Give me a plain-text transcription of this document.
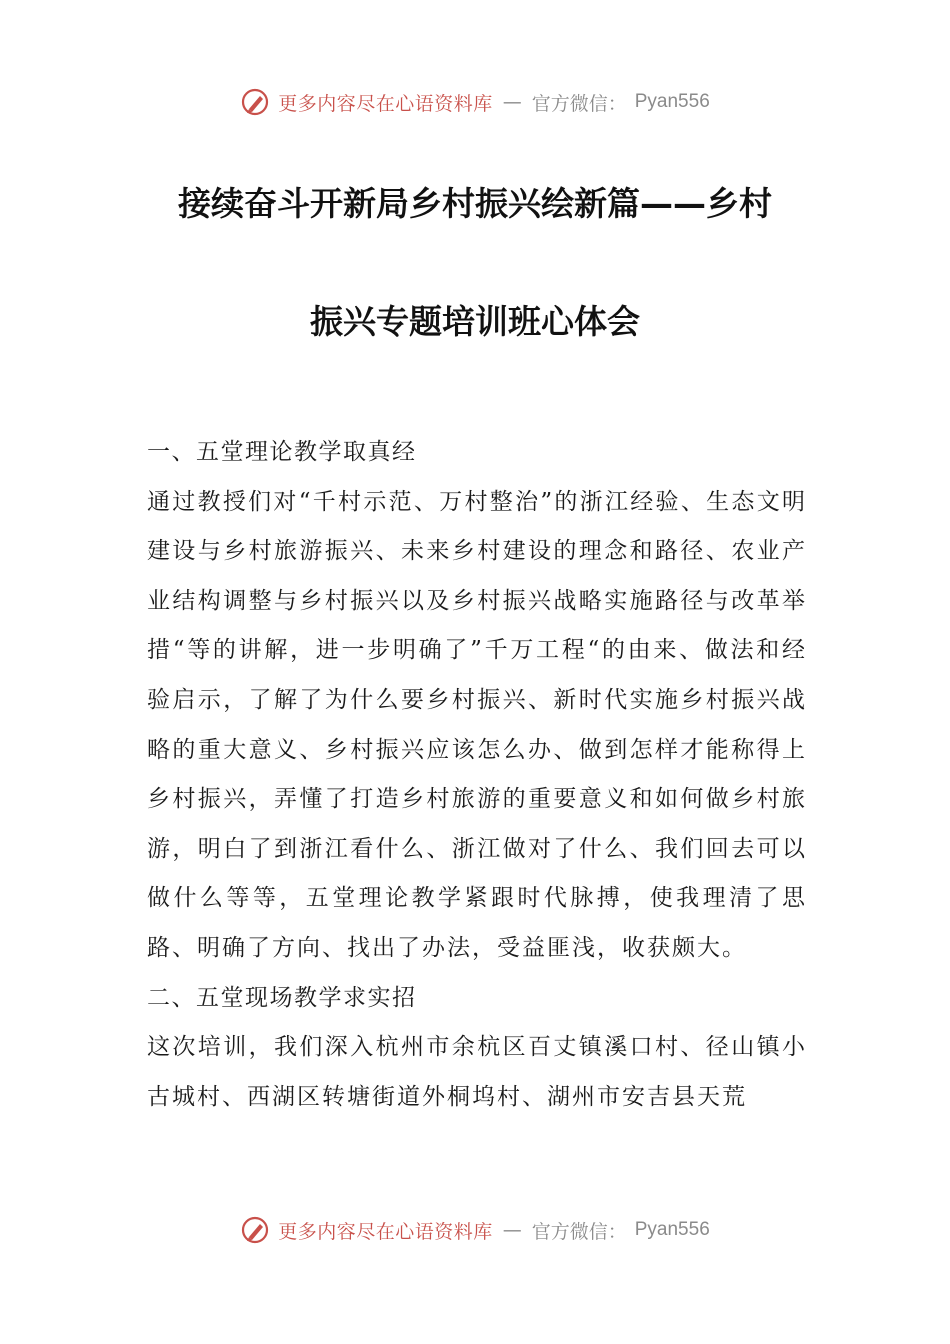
更多内容尽在心语资料库 — 官方微信： Pyan556
接续奋斗开新局乡村振兴绘新篇——乡村
振兴专题培训班心体会

一、五堂理论教学取真经

通过教授们对“千村示范、万村整治”的浙江经验、生态文明建设与乡村旅游振兴、未来乡村建设的理念和路径、农业产业结构调整与乡村振兴以及乡村振兴战略实施路径与改革举措“等的讲解，进一步明确了”千万工程“的由来、做法和经验启示，了解了为什么要乡村振兴、新时代实施乡村振兴战略的重大意义、乡村振兴应该怎么办、做到怎样才能称得上乡村振兴，弄懂了打造乡村旅游的重要意义和如何做乡村旅游，明白了到浙江看什么、浙江做对了什么、我们回去可以做什么等等，五堂理论教学紧跟时代脉搏，使我理清了思路、明确了方向、找出了办法，受益匪浅，收获颇大。

二、五堂现场教学求实招

这次培训，我们深入杭州市余杭区百丈镇溪口村、径山镇小古城村、西湖区转塘街道外桐坞村、湖州市安吉县天荒

更多内容尽在心语资料库 — 官方微信： Pyan556
